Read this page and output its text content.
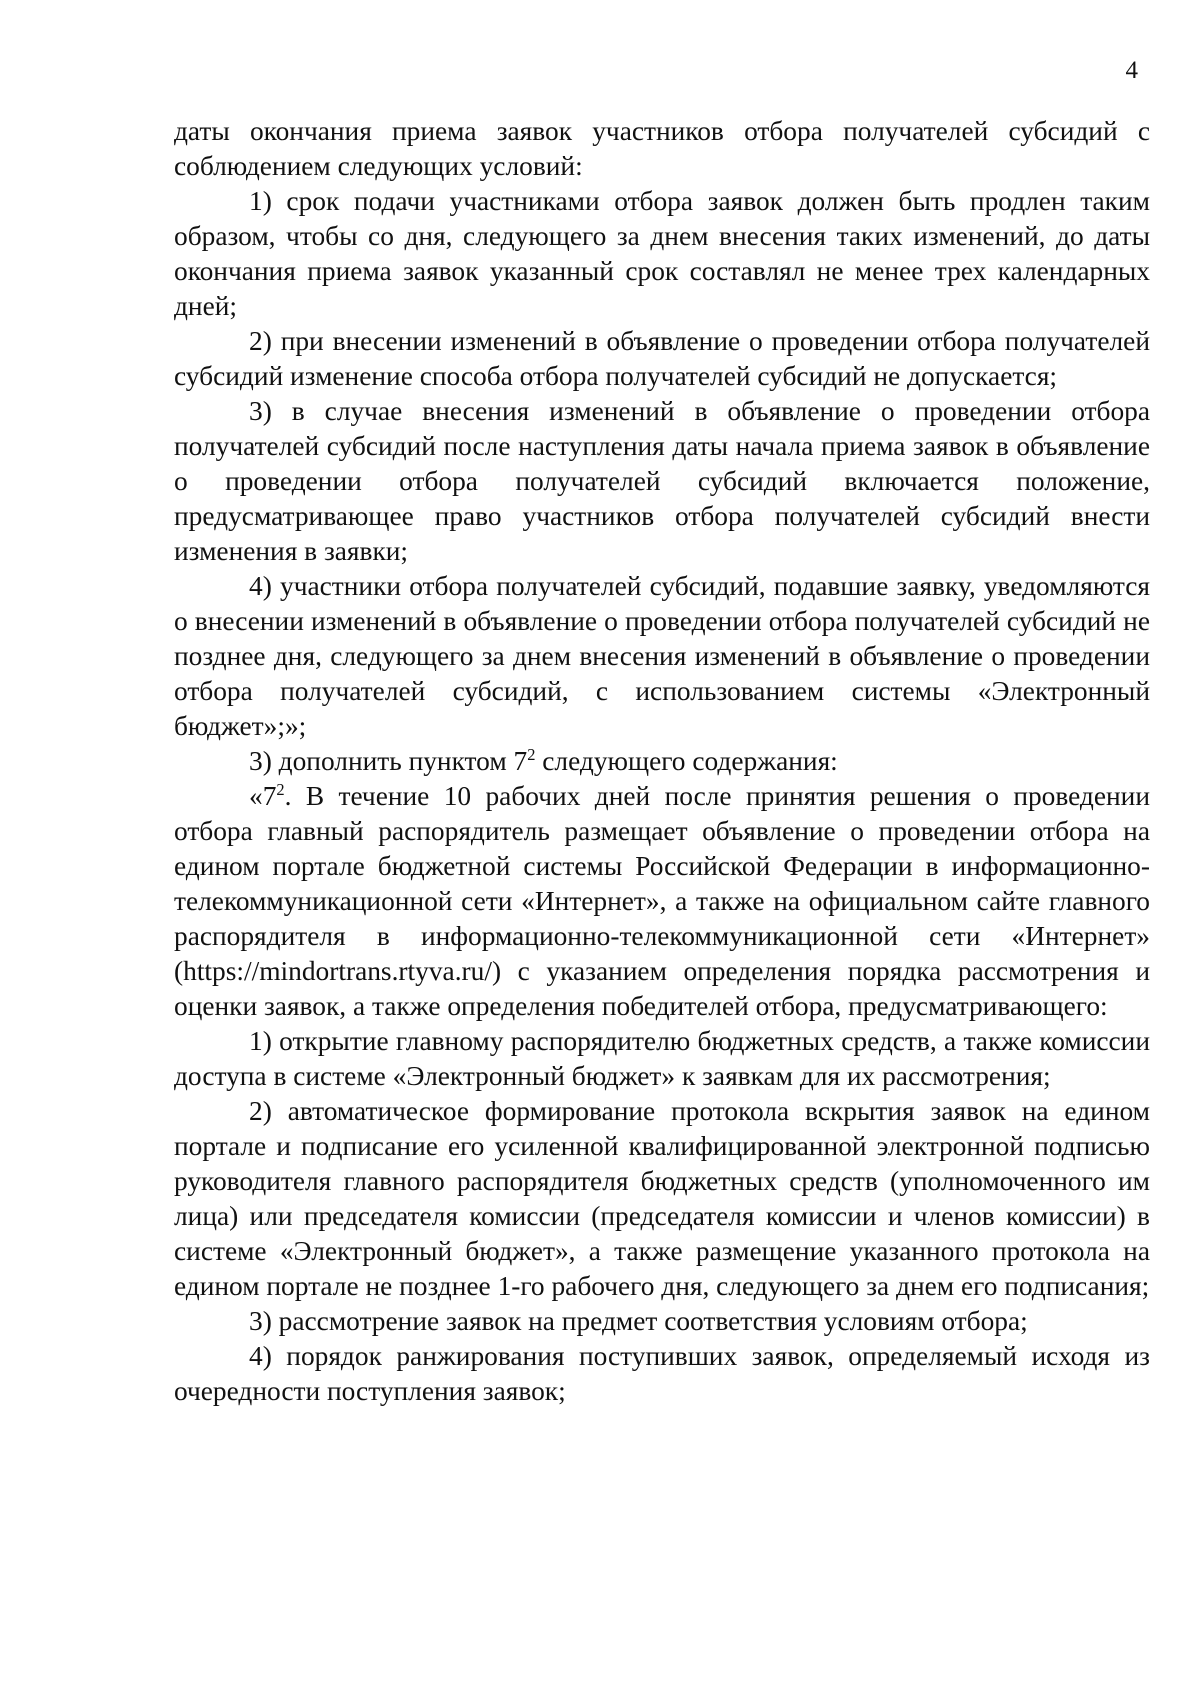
4

даты окончания приема заявок участников отбора получателей субсидий с соблюдением следующих условий:

1) срок подачи участниками отбора заявок должен быть продлен таким образом, чтобы со дня, следующего за днем внесения таких изменений, до даты окончания приема заявок указанный срок составлял не менее трех календарных дней;

2) при внесении изменений в объявление о проведении отбора получателей субсидий изменение способа отбора получателей субсидий не допускается;

3) в случае внесения изменений в объявление о проведении отбора получателей субсидий после наступления даты начала приема заявок в объявление о проведении отбора получателей субсидий включается положение, предусматривающее право участников отбора получателей субсидий внести изменения в заявки;

4) участники отбора получателей субсидий, подавшие заявку, уведомляются о внесении изменений в объявление о проведении отбора получателей субсидий не позднее дня, следующего за днем внесения изменений в объявление о проведении отбора получателей субсидий, с использованием системы «Электронный бюджет»;»;

3) дополнить пунктом $7^2$ следующего содержания:

«$7^2$. В течение 10 рабочих дней после принятия решения о проведении отбора главный распорядитель размещает объявление о проведении отбора на едином портале бюджетной системы Российской Федерации в информационно-телекоммуникационной сети «Интернет», а также на официальном сайте главного распорядителя в информационно-телекоммуникационной сети «Интернет» (https://mindortrans.rtyva.ru/) с указанием определения порядка рассмотрения и оценки заявок, а также определения победителей отбора, предусматривающего:

1) открытие главному распорядителю бюджетных средств, а также комиссии доступа в системе «Электронный бюджет» к заявкам для их рассмотрения;

2) автоматическое формирование протокола вскрытия заявок на едином портале и подписание его усиленной квалифицированной электронной подписью руководителя главного распорядителя бюджетных средств (уполномоченного им лица) или председателя комиссии (председателя комиссии и членов комиссии) в системе «Электронный бюджет», а также размещение указанного протокола на едином портале не позднее 1-го рабочего дня, следующего за днем его подписания;

3) рассмотрение заявок на предмет соответствия условиям отбора;

4) порядок ранжирования поступивших заявок, определяемый исходя из очередности поступления заявок;
